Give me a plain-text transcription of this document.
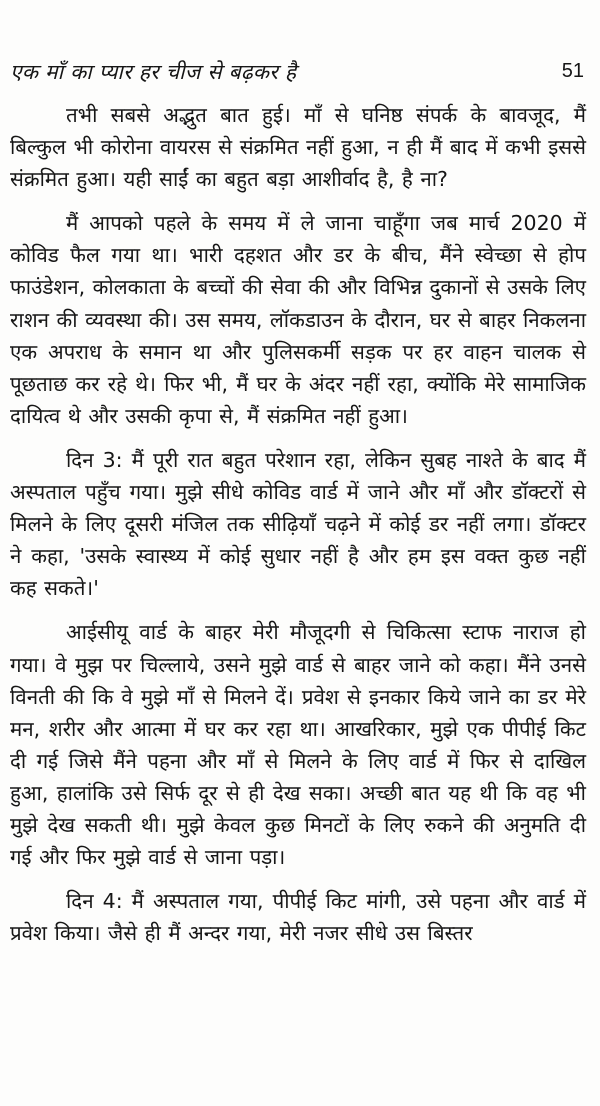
एक माँ का प्यार हर चीज से बढ़कर है	51

तभी सबसे अद्भुत बात हुई। माँ से घनिष्ठ संपर्क के बावजूद, मैं बिल्कुल भी कोरोना वायरस से संक्रमित नहीं हुआ, न ही मैं बाद में कभी इससे संक्रमित हुआ। यही साईं का बहुत बड़ा आशीर्वाद है, है ना?

मैं आपको पहले के समय में ले जाना चाहूँगा जब मार्च 2020 में कोविड फैल गया था। भारी दहशत और डर के बीच, मैंने स्वेच्छा से होप फाउंडेशन, कोलकाता के बच्चों की सेवा की और विभिन्न दुकानों से उसके लिए राशन की व्यवस्था की। उस समय, लॉकडाउन के दौरान, घर से बाहर निकलना एक अपराध के समान था और पुलिसकर्मी सड़क पर हर वाहन चालक से पूछताछ कर रहे थे। फिर भी, मैं घर के अंदर नहीं रहा, क्योंकि मेरे सामाजिक दायित्व थे और उसकी कृपा से, मैं संक्रमित नहीं हुआ।

दिन 3: मैं पूरी रात बहुत परेशान रहा, लेकिन सुबह नाश्ते के बाद मैं अस्पताल पहुँच गया। मुझे सीधे कोविड वार्ड में जाने और माँ और डॉक्टरों से मिलने के लिए दूसरी मंजिल तक सीढ़ियाँ चढ़ने में कोई डर नहीं लगा। डॉक्टर ने कहा, 'उसके स्वास्थ्य में कोई सुधार नहीं है और हम इस वक्त कुछ नहीं कह सकते।'

आईसीयू वार्ड के बाहर मेरी मौजूदगी से चिकित्सा स्टाफ नाराज हो गया। वे मुझ पर चिल्लाये, उसने मुझे वार्ड से बाहर जाने को कहा। मैंने उनसे विनती की कि वे मुझे माँ से मिलने दें। प्रवेश से इनकार किये जाने का डर मेरे मन, शरीर और आत्मा में घर कर रहा था। आखरिकार, मुझे एक पीपीई किट दी गई जिसे मैंने पहना और माँ से मिलने के लिए वार्ड में फिर से दाखिल हुआ, हालांकि उसे सिर्फ दूर से ही देख सका। अच्छी बात यह थी कि वह भी मुझे देख सकती थी। मुझे केवल कुछ मिनटों के लिए रुकने की अनुमति दी गई और फिर मुझे वार्ड से जाना पड़ा।

दिन 4: मैं अस्पताल गया, पीपीई किट मांगी, उसे पहना और वार्ड में प्रवेश किया। जैसे ही मैं अन्दर गया, मेरी नजर सीधे उस बिस्तर
